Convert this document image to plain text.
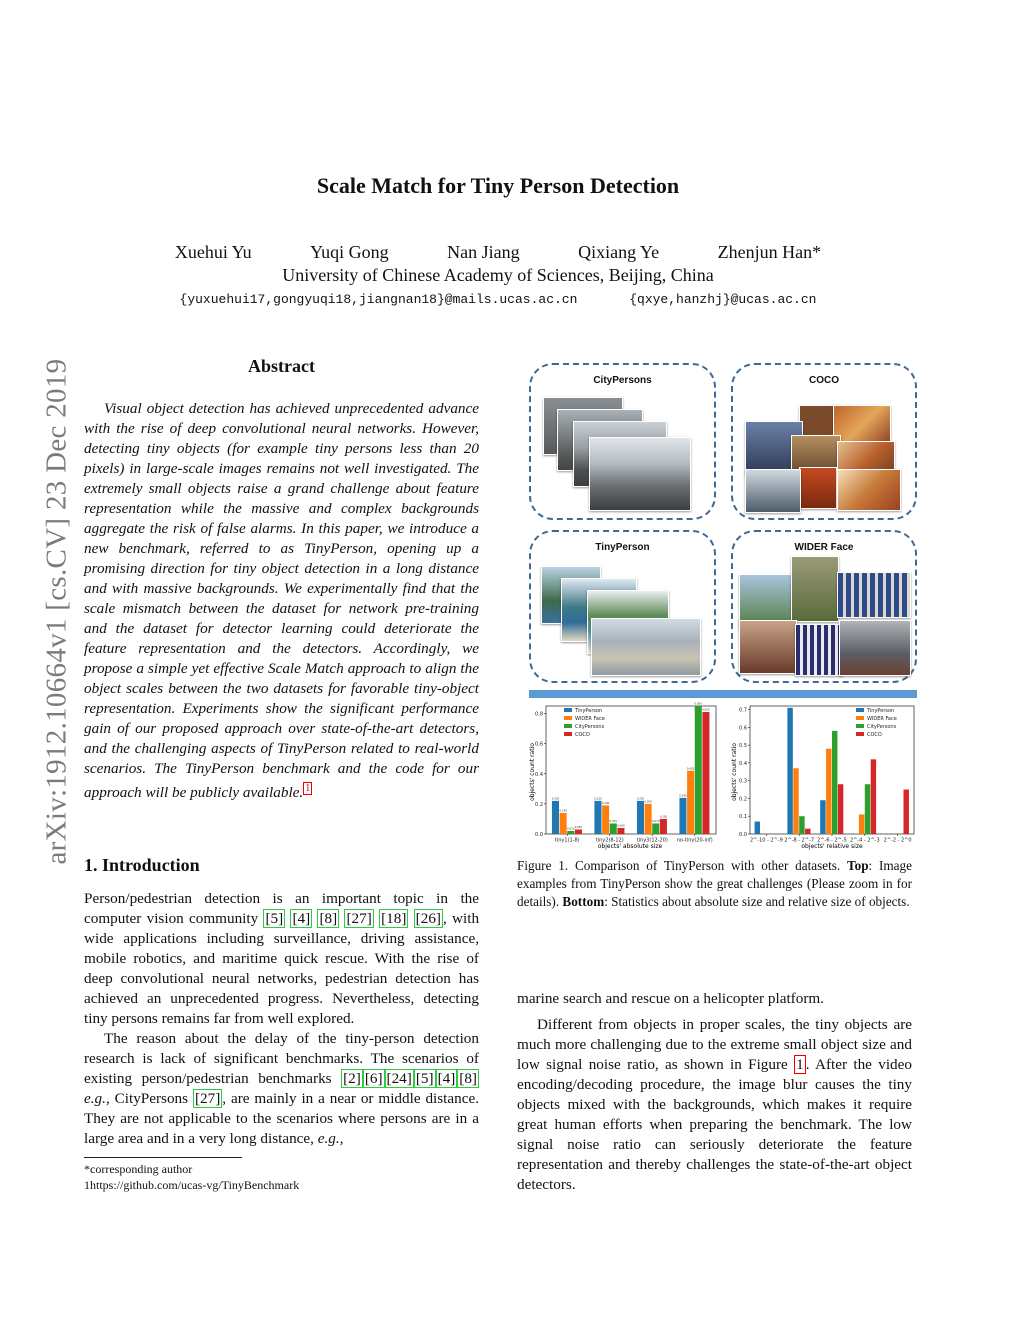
arXiv:1912.10664v1 [cs.CV] 23 Dec 2019
Scale Match for Tiny Person Detection
Xuehui Yu	Yuqi Gong	Nan Jiang	Qixiang Ye	Zhenjun Han*
University of Chinese Academy of Sciences, Beijing, China
{yuxuehui17,gongyuqi18,jiangnan18}@mails.ucas.ac.cn	{qxye,hanzhj}@ucas.ac.cn
Abstract
Visual object detection has achieved unprecedented advance with the rise of deep convolutional neural networks. However, detecting tiny objects (for example tiny persons less than 20 pixels) in large-scale images remains not well investigated. The extremely small objects raise a grand challenge about feature representation while the massive and complex backgrounds aggregate the risk of false alarms. In this paper, we introduce a new benchmark, referred to as TinyPerson, opening up a promising direction for tiny object detection in a long distance and with massive backgrounds. We experimentally find that the scale mismatch between the dataset for network pre-training and the dataset for detector learning could deteriorate the feature representation and the detectors. Accordingly, we propose a simple yet effective Scale Match approach to align the object scales between the two datasets for favorable tiny-object representation. Experiments show the significant performance gain of our proposed approach over state-of-the-art detectors, and the challenging aspects of TinyPerson related to real-world scenarios. The TinyPerson benchmark and the code for our approach will be publicly available. $^1$
1. Introduction

Person/pedestrian detection is an important topic in the computer vision community [5] [4] [8] [27] [18] [26] , with wide applications including surveillance, driving assistance, mobile robotics, and maritime quick rescue. With the rise of deep convolutional neural networks, pedestrian detection has achieved an unprecedented progress. Nevertheless, detecting tiny persons remains far from well explored.

The reason about the delay of the tiny-person detection research is lack of significant benchmarks. The scenarios of existing person/pedestrian benchmarks [2] [6] [24] [5] [4] [8] e.g., CityPersons [27] , are mainly in a near or middle distance. They are not applicable to the scenarios where persons are in a large area and in a very long distance, e.g.,

*corresponding author
1https://github.com/ucas-vg/TinyBenchmark
CityPersons	COCO
TinyPerson	WIDER Face
0.0
0.2
0.4
0.6
0.8
tiny1(1-8)	tiny2(8-12)	tiny3(12-20) no-tiny(20-inf)
0.220
0.140
0.020
0.030
0.220
0.190
0.070
0.040
0.220
0.200
0.070
0.100
0.240
0.420
0.850
0.810
TinyPerson
WIDER Face
CityPersons
COCO
objects' absolute size
objects' count ratio
0.0
0.1
0.2
0.3
0.4
0.5
0.6
0.7
2^-10 - 2^-9 2^-8 - 2^-7 2^-6 - 2^-5 2^-4 - 2^-3 2^-2 - 2^0
TinyPerson
WIDER Face
CityPersons
COCO
objects' relative size
objects' count ratio
Figure 1. Comparison of TinyPerson with other datasets. Top: Image examples from TinyPerson show the great challenges (Please zoom in for details). Bottom: Statistics about absolute size and relative size of objects.

marine search and rescue on a helicopter platform.

Different from objects in proper scales, the tiny objects are much more challenging due to the extreme small object size and low signal noise ratio, as shown in Figure 1 . After the video encoding/decoding procedure, the image blur causes the tiny objects mixed with the backgrounds, which makes it require great human efforts when preparing the benchmark. The low signal noise ratio can seriously deteriorate the feature representation and thereby challenges the state-of-the-art object detectors.
